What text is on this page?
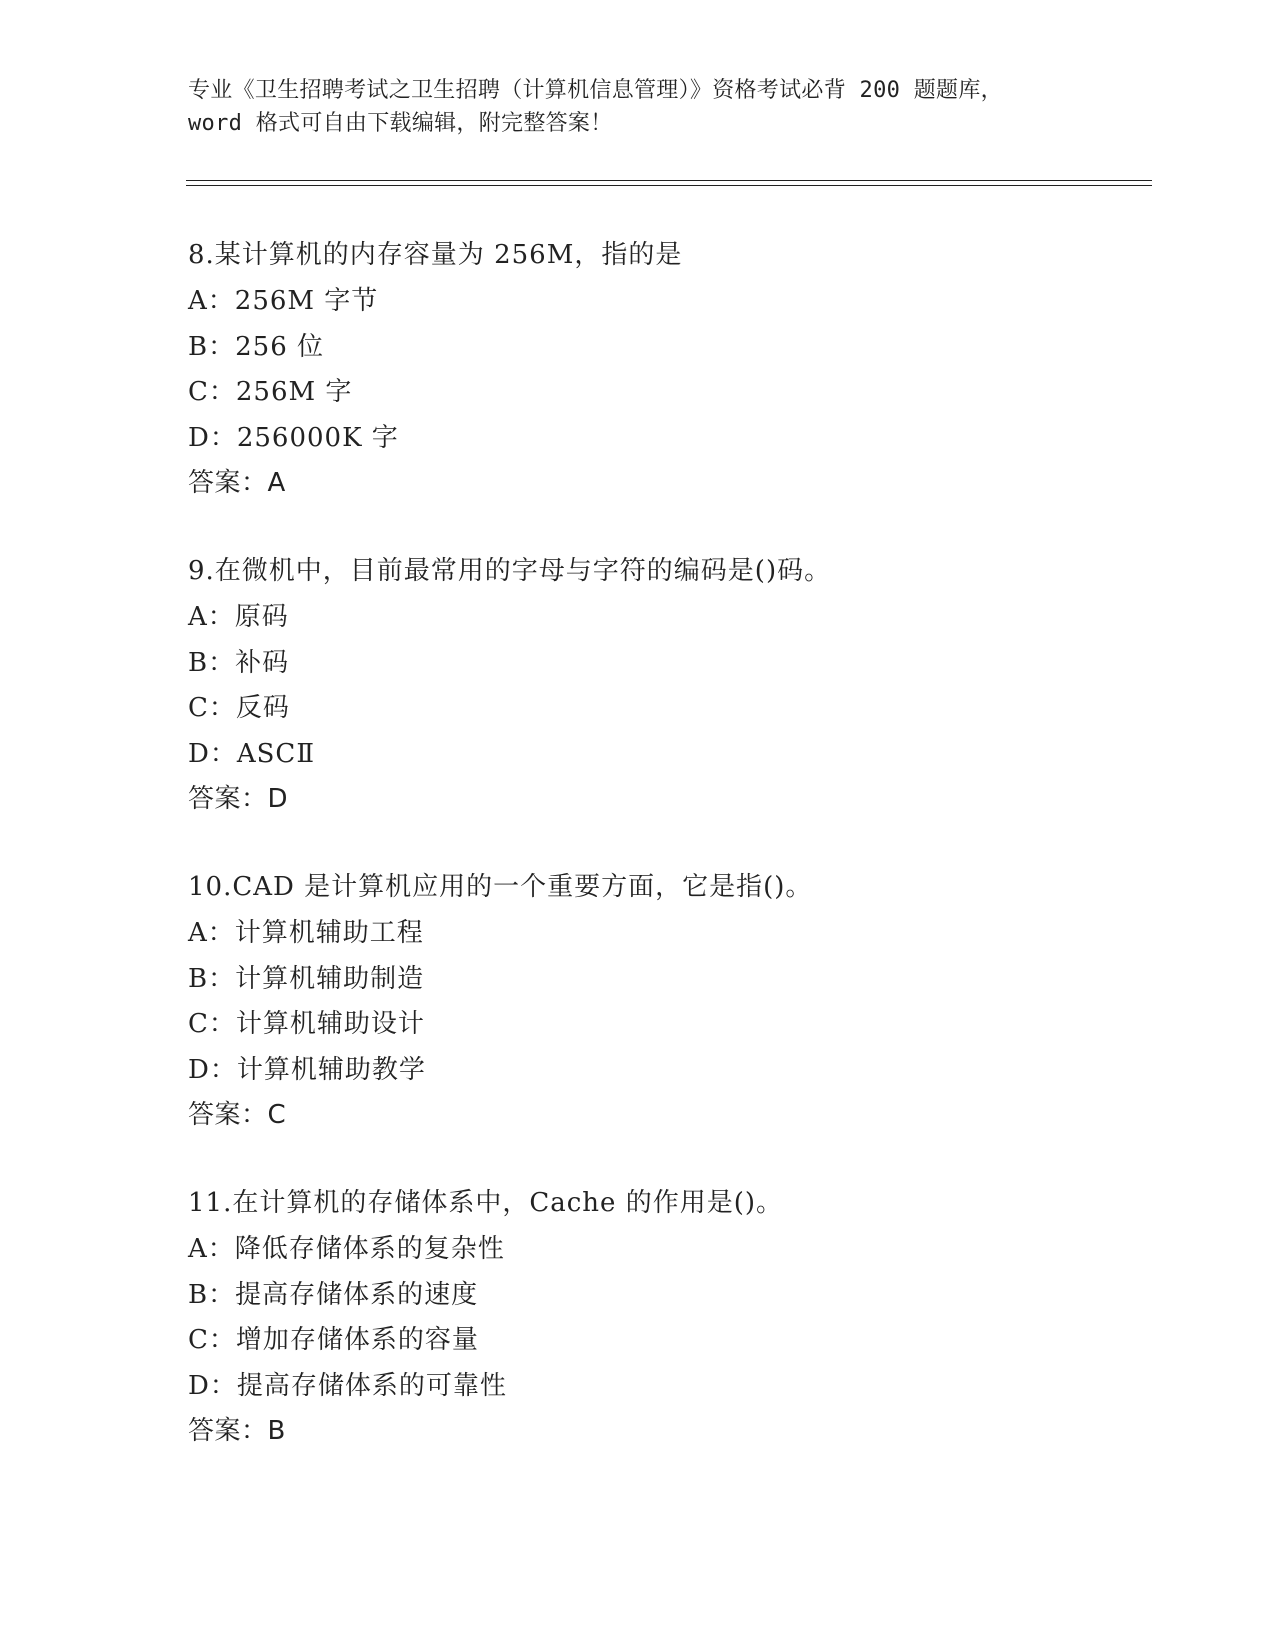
专业《卫生招聘考试之卫生招聘（计算机信息管理）》资格考试必背 200 题题库，
word 格式可自由下载编辑，附完整答案！
8.某计算机的内存容量为 256M，指的是
A：256M 字节
B：256 位
C：256M 字
D：256000K 字
答案：A
9.在微机中，目前最常用的字母与字符的编码是()码。
A：原码
B：补码
C：反码
D：ASCⅡ
答案：D
10.CAD 是计算机应用的一个重要方面，它是指()。
A：计算机辅助工程
B：计算机辅助制造
C：计算机辅助设计
D：计算机辅助教学
答案：C
11.在计算机的存储体系中，Cache 的作用是()。
A：降低存储体系的复杂性
B：提高存储体系的速度
C：增加存储体系的容量
D：提高存储体系的可靠性
答案：B
